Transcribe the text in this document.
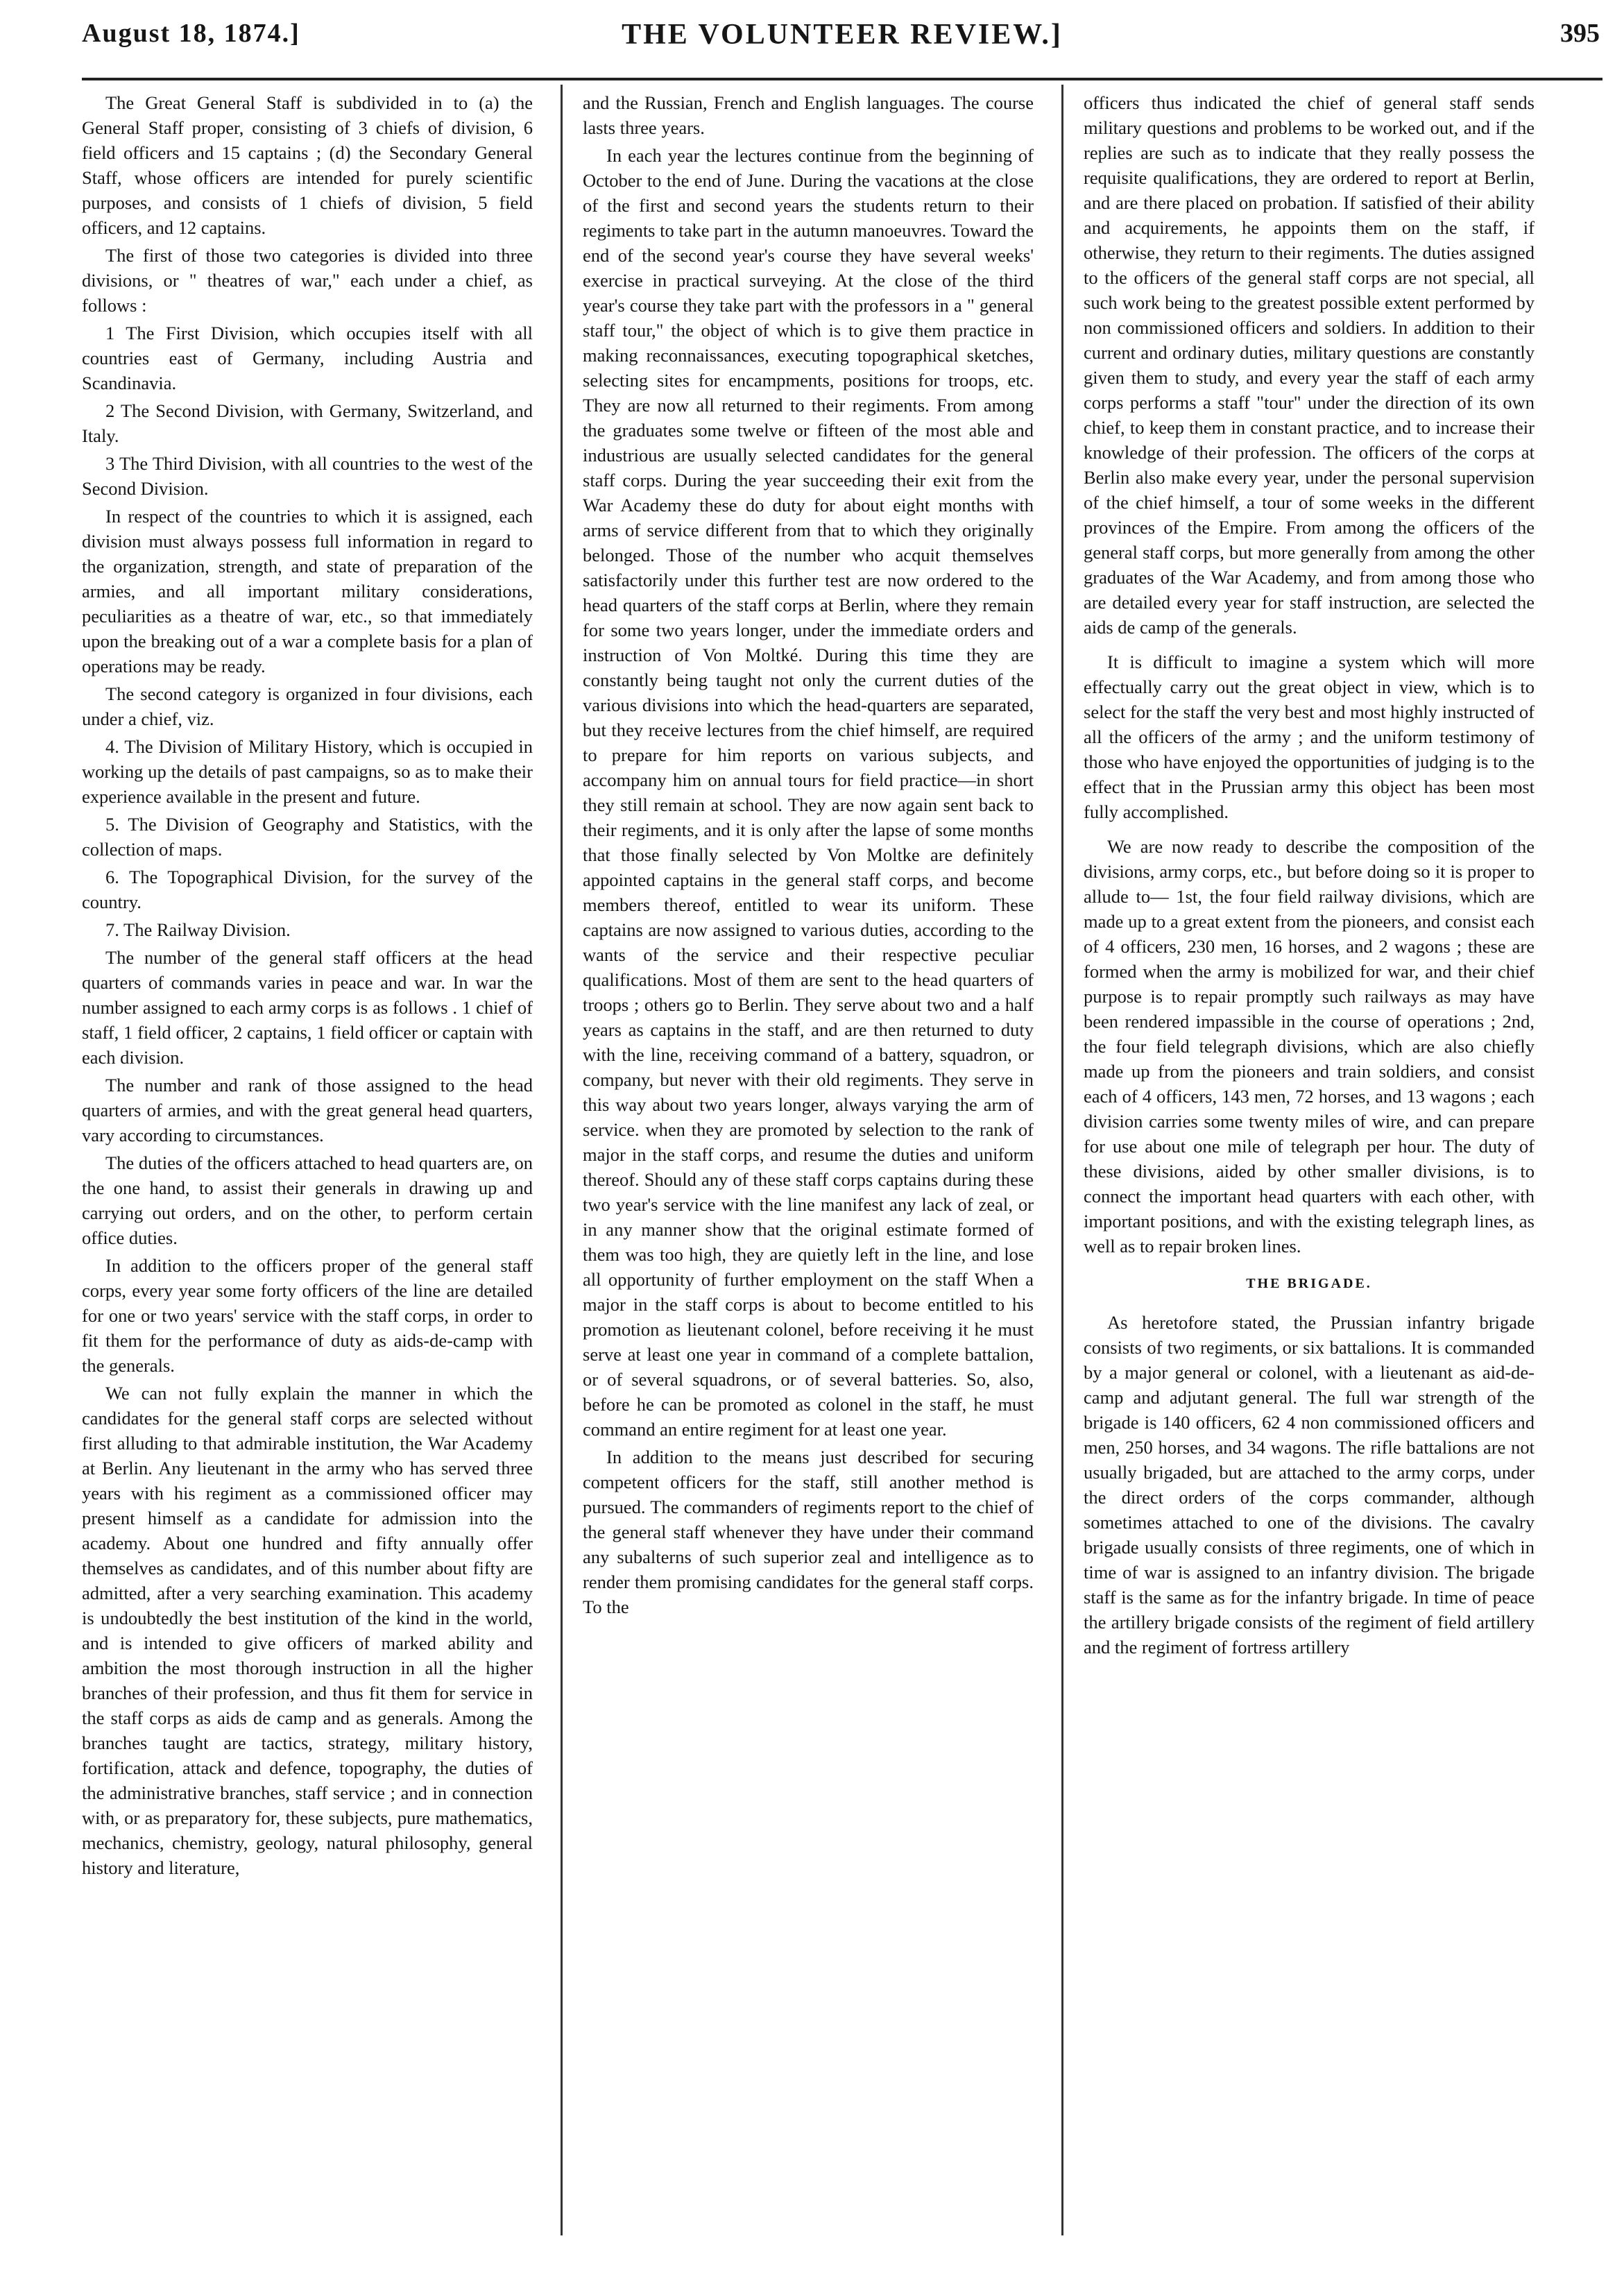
August 18, 1874.]	THE VOLUNTEER REVIEW.]	395

The Great General Staff is subdivided in to (a) the General Staff proper, consisting of 3 chiefs of division, 6 field officers and 15 captains ; (d) the Secondary General Staff, whose officers are intended for purely scientific purposes, and consists of 1 chiefs of division, 5 field officers, and 12 captains.

The first of those two categories is divided into three divisions, or " theatres of war," each under a chief, as follows :

1 The First Division, which occupies itself with all countries east of Germany, including Austria and Scandinavia.

2 The Second Division, with Germany, Switzerland, and Italy.

3 The Third Division, with all countries to the west of the Second Division.

In respect of the countries to which it is assigned, each division must always possess full information in regard to the organization, strength, and state of preparation of the armies, and all important military considerations, peculiarities as a theatre of war, etc., so that immediately upon the breaking out of a war a complete basis for a plan of operations may be ready.

The second category is organized in four divisions, each under a chief, viz.

4. The Division of Military History, which is occupied in working up the details of past campaigns, so as to make their experience available in the present and future.

5. The Division of Geography and Statistics, with the collection of maps.

6. The Topographical Division, for the survey of the country.

7. The Railway Division.

The number of the general staff officers at the head quarters of commands varies in peace and war. In war the number assigned to each army corps is as follows . 1 chief of staff, 1 field officer, 2 captains, 1 field officer or captain with each division.

The number and rank of those assigned to the head quarters of armies, and with the great general head quarters, vary according to circumstances.

The duties of the officers attached to head quarters are, on the one hand, to assist their generals in drawing up and carrying out orders, and on the other, to perform certain office duties.

In addition to the officers proper of the general staff corps, every year some forty officers of the line are detailed for one or two years' service with the staff corps, in order to fit them for the performance of duty as aids-de-camp with the generals.

We can not fully explain the manner in which the candidates for the general staff corps are selected without first alluding to that admirable institution, the War Academy at Berlin. Any lieutenant in the army who has served three years with his regiment as a commissioned officer may present himself as a candidate for admission into the academy. About one hundred and fifty annually offer themselves as candidates, and of this number about fifty are admitted, after a very searching examination. This academy is undoubtedly the best institution of the kind in the world, and is intended to give officers of marked ability and ambition the most thorough instruction in all the higher branches of their profession, and thus fit them for service in the staff corps as aids de camp and as generals. Among the branches taught are tactics, strategy, military history, fortification, attack and defence, topography, the duties of the administrative branches, staff service ; and in connection with, or as preparatory for, these subjects, pure mathematics, mechanics, chemistry, geology, natural philosophy, general history and literature,

and the Russian, French and English languages. The course lasts three years.

In each year the lectures continue from the beginning of October to the end of June. During the vacations at the close of the first and second years the students return to their regiments to take part in the autumn manoeuvres. Toward the end of the second year's course they have several weeks' exercise in practical surveying. At the close of the third year's course they take part with the professors in a " general staff tour," the object of which is to give them practice in making reconnaissances, executing topographical sketches, selecting sites for encampments, positions for troops, etc. They are now all returned to their regiments. From among the graduates some twelve or fifteen of the most able and industrious are usually selected candidates for the general staff corps. During the year succeeding their exit from the War Academy these do duty for about eight months with arms of service different from that to which they originally belonged. Those of the number who acquit themselves satisfactorily under this further test are now ordered to the head quarters of the staff corps at Berlin, where they remain for some two years longer, under the immediate orders and instruction of Von Moltké. During this time they are constantly being taught not only the current duties of the various divisions into which the head-quarters are separated, but they receive lectures from the chief himself, are required to prepare for him reports on various subjects, and accompany him on annual tours for field practice—in short they still remain at school. They are now again sent back to their regiments, and it is only after the lapse of some months that those finally selected by Von Moltke are definitely appointed captains in the general staff corps, and become members thereof, entitled to wear its uniform. These captains are now assigned to various duties, according to the wants of the service and their respective peculiar qualifications. Most of them are sent to the head quarters of troops ; others go to Berlin. They serve about two and a half years as captains in the staff, and are then returned to duty with the line, receiving command of a battery, squadron, or company, but never with their old regiments. They serve in this way about two years longer, always varying the arm of service. when they are promoted by selection to the rank of major in the staff corps, and resume the duties and uniform thereof. Should any of these staff corps captains during these two year's service with the line manifest any lack of zeal, or in any manner show that the original estimate formed of them was too high, they are quietly left in the line, and lose all opportunity of further employment on the staff When a major in the staff corps is about to become entitled to his promotion as lieutenant colonel, before receiving it he must serve at least one year in command of a complete battalion, or of several squadrons, or of several batteries. So, also, before he can be promoted as colonel in the staff, he must command an entire regiment for at least one year.

In addition to the means just described for securing competent officers for the staff, still another method is pursued. The commanders of regiments report to the chief of the general staff whenever they have under their command any subalterns of such superior zeal and intelligence as to render them promising candidates for the general staff corps. To the

officers thus indicated the chief of general staff sends military questions and problems to be worked out, and if the replies are such as to indicate that they really possess the requisite qualifications, they are ordered to report at Berlin, and are there placed on probation. If satisfied of their ability and acquirements, he appoints them on the staff, if otherwise, they return to their regiments. The duties assigned to the officers of the general staff corps are not special, all such work being to the greatest possible extent performed by non commissioned officers and soldiers. In addition to their current and ordinary duties, military questions are constantly given them to study, and every year the staff of each army corps performs a staff "tour" under the direction of its own chief, to keep them in constant practice, and to increase their knowledge of their profession. The officers of the corps at Berlin also make every year, under the personal supervision of the chief himself, a tour of some weeks in the different provinces of the Empire. From among the officers of the general staff corps, but more generally from among the other graduates of the War Academy, and from among those who are detailed every year for staff instruction, are selected the aids de camp of the generals.

It is difficult to imagine a system which will more effectually carry out the great object in view, which is to select for the staff the very best and most highly instructed of all the officers of the army ; and the uniform testimony of those who have enjoyed the opportunities of judging is to the effect that in the Prussian army this object has been most fully accomplished.

We are now ready to describe the composition of the divisions, army corps, etc., but before doing so it is proper to allude to— 1st, the four field railway divisions, which are made up to a great extent from the pioneers, and consist each of 4 officers, 230 men, 16 horses, and 2 wagons ; these are formed when the army is mobilized for war, and their chief purpose is to repair promptly such railways as may have been rendered impassible in the course of operations ; 2nd, the four field telegraph divisions, which are also chiefly made up from the pioneers and train soldiers, and consist each of 4 officers, 143 men, 72 horses, and 13 wagons ; each division carries some twenty miles of wire, and can prepare for use about one mile of telegraph per hour. The duty of these divisions, aided by other smaller divisions, is to connect the important head quarters with each other, with important positions, and with the existing telegraph lines, as well as to repair broken lines.

THE BRIGADE.

As heretofore stated, the Prussian infantry brigade consists of two regiments, or six battalions. It is commanded by a major general or colonel, with a lieutenant as aid-de-camp and adjutant general. The full war strength of the brigade is 140 officers, 62 4 non commissioned officers and men, 250 horses, and 34 wagons. The rifle battalions are not usually brigaded, but are attached to the army corps, under the direct orders of the corps commander, although sometimes attached to one of the divisions. The cavalry brigade usually consists of three regiments, one of which in time of war is assigned to an infantry division. The brigade staff is the same as for the infantry brigade. In time of peace the artillery brigade consists of the regiment of field artillery and the regiment of fortress artillery
